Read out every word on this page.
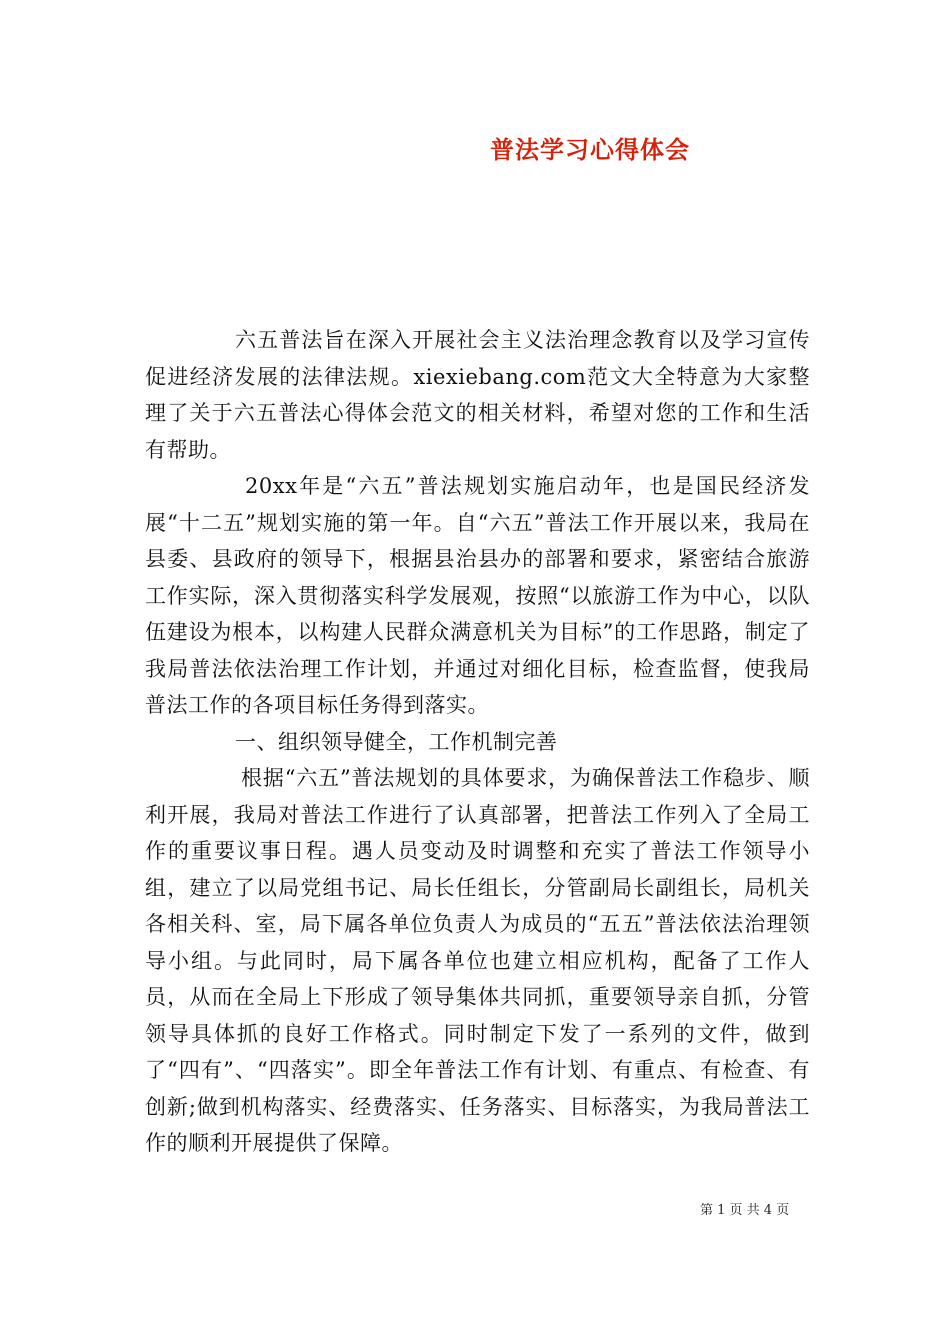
普法学习心得体会

六五普法旨在深入开展社会主义法治理念教育以及学习宣传促进经济发展的法律法规。xiexiebang.com范文大全特意为大家整理了关于六五普法心得体会范文的相关材料，希望对您的工作和生活有帮助。

20xx年是“六五”普法规划实施启动年，也是国民经济发展“十二五”规划实施的第一年。自“六五”普法工作开展以来，我局在县委、县政府的领导下，根据县治县办的部署和要求，紧密结合旅游工作实际，深入贯彻落实科学发展观，按照“以旅游工作为中心，以队伍建设为根本，以构建人民群众满意机关为目标”的工作思路，制定了我局普法依法治理工作计划，并通过对细化目标，检查监督，使我局普法工作的各项目标任务得到落实。

一、组织领导健全，工作机制完善

根据“六五”普法规划的具体要求，为确保普法工作稳步、顺利开展，我局对普法工作进行了认真部署，把普法工作列入了全局工作的重要议事日程。遇人员变动及时调整和充实了普法工作领导小组，建立了以局党组书记、局长任组长，分管副局长副组长，局机关各相关科、室，局下属各单位负责人为成员的“五五”普法依法治理领导小组。与此同时，局下属各单位也建立相应机构，配备了工作人员，从而在全局上下形成了领导集体共同抓，重要领导亲自抓，分管领导具体抓的良好工作格式。同时制定下发了一系列的文件，做到了“四有”、“四落实”。即全年普法工作有计划、有重点、有检查、有创新;做到机构落实、经费落实、任务落实、目标落实，为我局普法工作的顺利开展提供了保障。

第 1 页 共 4 页
